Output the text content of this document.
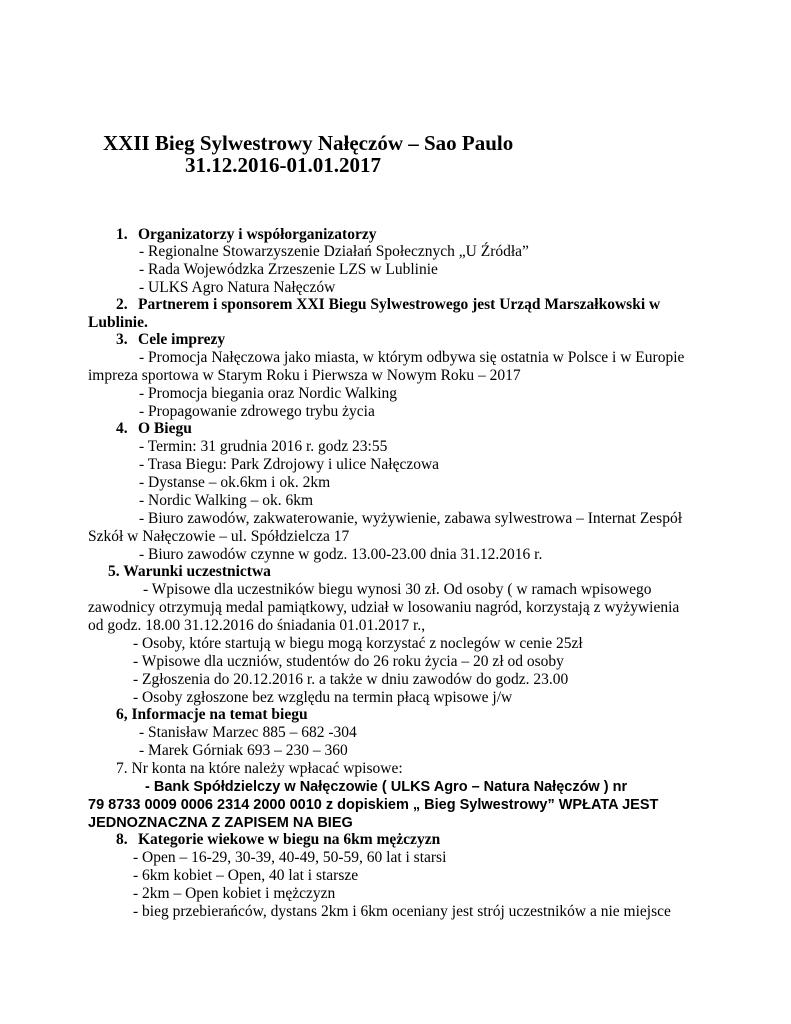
XXII Bieg Sylwestrowy Nałęczów – Sao Paulo
31.12.2016-01.01.2017
1. Organizatorzy i współorganizatorzy
- Regionalne Stowarzyszenie Działań Społecznych „U Źródła”
- Rada Wojewódzka Zrzeszenie LZS w Lublinie
- ULKS Agro Natura Nałęczów
2. Partnerem i sponsorem XXI Biegu Sylwestrowego jest Urząd Marszałkowski w
Lublinie.
3. Cele imprezy
- Promocja Nałęczowa jako miasta, w którym odbywa się ostatnia w Polsce i w Europie
impreza sportowa w Starym Roku i Pierwsza w Nowym Roku – 2017
- Promocja biegania oraz Nordic Walking
- Propagowanie zdrowego trybu życia
4. O Biegu
- Termin: 31 grudnia 2016 r. godz 23:55
- Trasa Biegu: Park Zdrojowy i ulice Nałęczowa
- Dystanse – ok.6km i ok. 2km
- Nordic Walking – ok. 6km
- Biuro zawodów, zakwaterowanie, wyżywienie, zabawa sylwestrowa – Internat Zespół
Szkół w Nałęczowie – ul. Spółdzielcza 17
- Biuro zawodów czynne w godz. 13.00-23.00 dnia 31.12.2016 r.
5. Warunki uczestnictwa
- Wpisowe dla uczestników biegu wynosi 30 zł. Od osoby ( w ramach wpisowego
zawodnicy otrzymują medal pamiątkowy, udział w losowaniu nagród, korzystają z wyżywienia
od godz. 18.00 31.12.2016 do śniadania 01.01.2017 r.,
- Osoby, które startują w biegu mogą korzystać z noclegów w cenie 25zł
- Wpisowe dla uczniów, studentów do 26 roku życia – 20 zł od osoby
- Zgłoszenia do 20.12.2016 r. a także w dniu zawodów do godz. 23.00
- Osoby zgłoszone bez względu na termin płacą wpisowe j/w
6, Informacje na temat biegu
- Stanisław Marzec 885 – 682 -304
- Marek Górniak 693 – 230 – 360
7. Nr konta na które należy wpłacać wpisowe:
- Bank Spółdzielczy w Nałęczowie ( ULKS Agro – Natura Nałęczów ) nr
79 8733 0009 0006 2314 2000 0010 z dopiskiem „ Bieg Sylwestrowy” WPŁATA JEST
JEDNOZNACZNA Z ZAPISEM NA BIEG
8. Kategorie wiekowe w biegu na 6km mężczyzn
- Open – 16-29, 30-39, 40-49, 50-59, 60 lat i starsi
- 6km kobiet – Open, 40 lat i starsze
- 2km – Open kobiet i mężczyzn
- bieg przebierańców, dystans 2km i 6km oceniany jest strój uczestników a nie miejsce
